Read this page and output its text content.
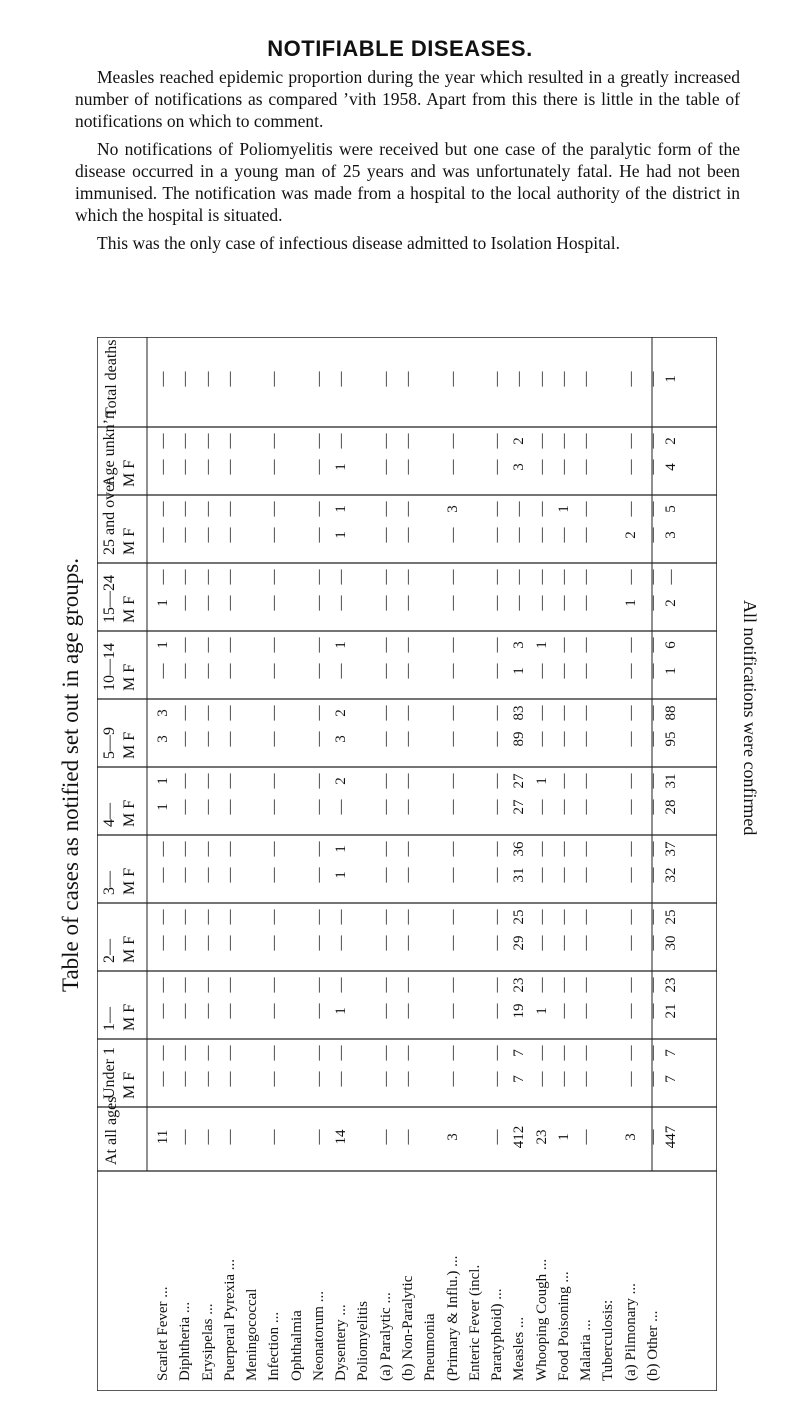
NOTIFIABLE DISEASES.

Measles reached epidemic proportion during the year which resulted in a greatly increased number of notifications as compared ’vith 1958. Apart from this there is little in the table of notifications on which to comment.

No notifications of Poliomyelitis were received but one case of the paralytic form of the disease occurred in a young man of 25 years and was unfortunately fatal. He had not been immunised. The notification was made from a hospital to the local authority of the district in which the hospital is situated.

This was the only case of infectious disease admitted to Isolation Hospital.

Table of cases as notified set out in age groups.	All notifications were confirmed
Total deaths
At all ages
Under 1 M F
1— M F
2— M F
3— M F
4— M F
5—9 M F
10—14 M F
15—24 M F
25 and over M F
Age unkn’n M F
Scarlet Fever ...
11
—
—
—
—
—
—
—
—
—
1
1
3
3
—
1
1
—
—
—
—
—
Diphtheria ...
—
—
—
—
—
—
—
—
—
—
—
—
—
—
—
—
—
—
—
—
—
—
Erysipelas ...
—
—
—
—
—
—
—
—
—
—
—
—
—
—
—
—
—
—
—
—
—
—
Puerperal Pyrexia ...
—
—
—
—
—
—
—
—
—
—
—
—
—
—
—
—
—
—
—
—
—
—
Meningococcal Infection ...
—
—
—
—
—
—
—
—
—
—
—
—
—
—
—
—
—
—
—
—
—
—
Ophthalmia Neonatorum ...
—
—
—
—
—
—
—
—
—
—
—
—
—
—
—
—
—
—
—
—
—
—
Dysentery ...
14
—
—
—
1
—
—
—
1
1
—
2
3
2
—
1
—
—
1
1
1
—
Poliomyelitis (a) Paralytic ...
—
—
—
—
—
—
—
—
—
—
—
—
—
—
—
—
—
—
—
—
—
—
(b) Non-Paralytic
—
—
—
—
—
—
—
—
—
—
—
—
—
—
—
—
—
—
—
—
—
—
Pneumonia (Primary & Influ.) ...
3
—
—
—
—
—
—
—
—
—
—
—
—
—
—
—
—
—
—
3
—
—
Enteric Fever (incl. Paratyphoid) ...
—
—
—
—
—
—
—
—
—
—
—
—
—
—
—
—
—
—
—
—
—
—
Measles ...
412
—
7
7
19
23
29
25
31
36
27
27
89
83
1
3
—
—
—
—
3
2
Whooping Cough ...
23
—
—
—
1
—
—
—
—
—
—
1
—
—
—
1
—
—
—
—
—
—
Food Poisoning ...
1
—
—
—
—
—
—
—
—
—
—
—
—
—
—
—
—
—
—
1
—
—
Malaria ...
—
—
—
—
—
—
—
—
—
—
—
—
—
—
—
—
—
—
—
—
—
—
Tuberculosis: (a) Pilmonary ...
3
—
—
—
—
—
—
—
—
—
—
—
—
—
—
—
1
—
2
—
—
—
(b) Other ...
—
—
—
—
—
—
—
—
—
—
—
—
—
—
—
—
—
—
—
—
—
—
447
1
7
7
21
23
30
25
32
37
28
31
95
88
1
6
2
—
3
5
4
2
